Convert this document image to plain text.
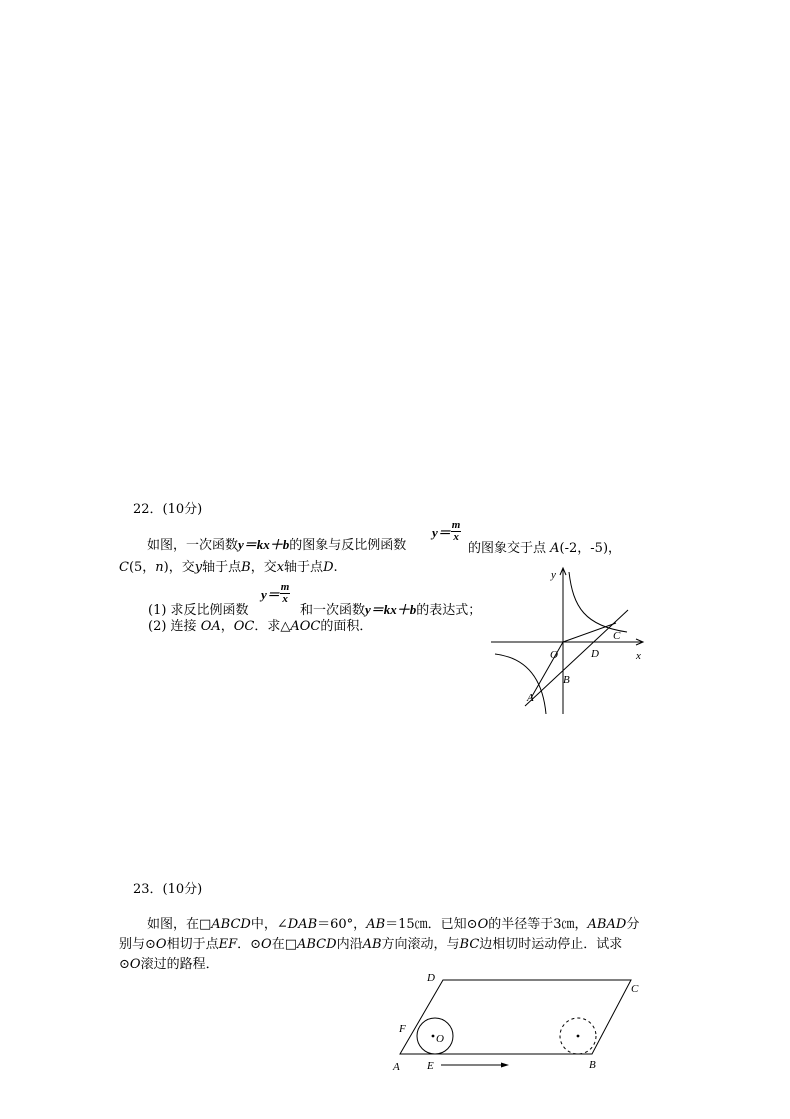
22．(10分)
如图，一次函数y＝kx＋b的图象与反比例函数
$y= \frac{m}{x}$
的图象交于点 A(-2，-5)，
C(5，n)，交y轴于点B，交x轴于点D.
(1) 求反比例函数
$y= \frac{m}{x}$
和一次函数y＝kx＋b的表达式；
(2) 连接 OA，OC．求△AOC的面积．
y
x
O
C
D
B
A
23．(10分)
如图，在□ABCD中，∠DAB＝60°，AB＝15㎝．已知⊙O的半径等于3㎝，ABAD分
别与⊙O相切于点EF．⊙O在□ABCD内沿AB方向滚动，与BC边相切时运动停止．试求
⊙O滚过的路程．
D
C
F
O
A E	B
